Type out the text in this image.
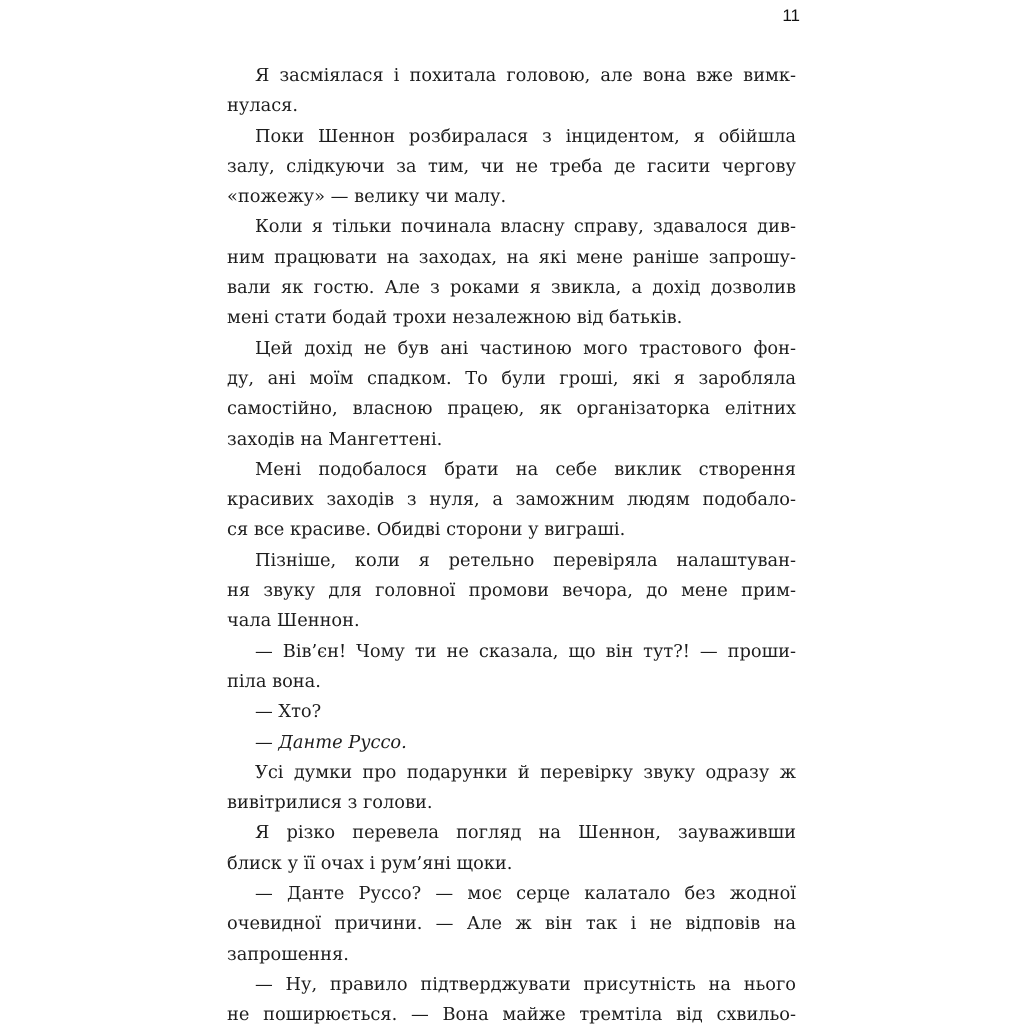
11
Я засміялася і похитала головою, але вона вже вимк-
нулася.
Поки Шеннон розбиралася з інцидентом, я обійшла
залу, слідкуючи за тим, чи не треба де гасити чергову
«пожежу» — велику чи малу.
Коли я тільки починала власну справу, здавалося див-
ним працювати на заходах, на які мене раніше запрошу-
вали як гостю. Але з роками я звикла, а дохід дозволив
мені стати бодай трохи незалежною від батьків.
Цей дохід не був ані частиною мого трастового фон-
ду, ані моїм спадком. То були гроші, які я заробляла
самостійно, власною працею, як організаторка елітних
заходів на Мангеттені.
Мені подобалося брати на себе виклик створення
красивих заходів з нуля, а заможним людям подобало-
ся все красиве. Обидві сторони у виграші.
Пізніше, коли я ретельно перевіряла налаштуван-
ня звуку для головної промови вечора, до мене прим-
чала Шеннон.
— Вів’єн! Чому ти не сказала, що він тут?! — проши-
піла вона.
— Хто?
— Данте Руссо.
Усі думки про подарунки й перевірку звуку одразу ж
вивітрилися з голови.
Я різко перевела погляд на Шеннон, зауваживши
блиск у її очах і рум’яні щоки.
— Данте Руссо? — моє серце калатало без жодної
очевидної причини. — Але ж він так і не відповів на
запрошення.
— Ну, правило підтверджувати присутність на нього
не поширюється. — Вона майже тремтіла від схвильо-
